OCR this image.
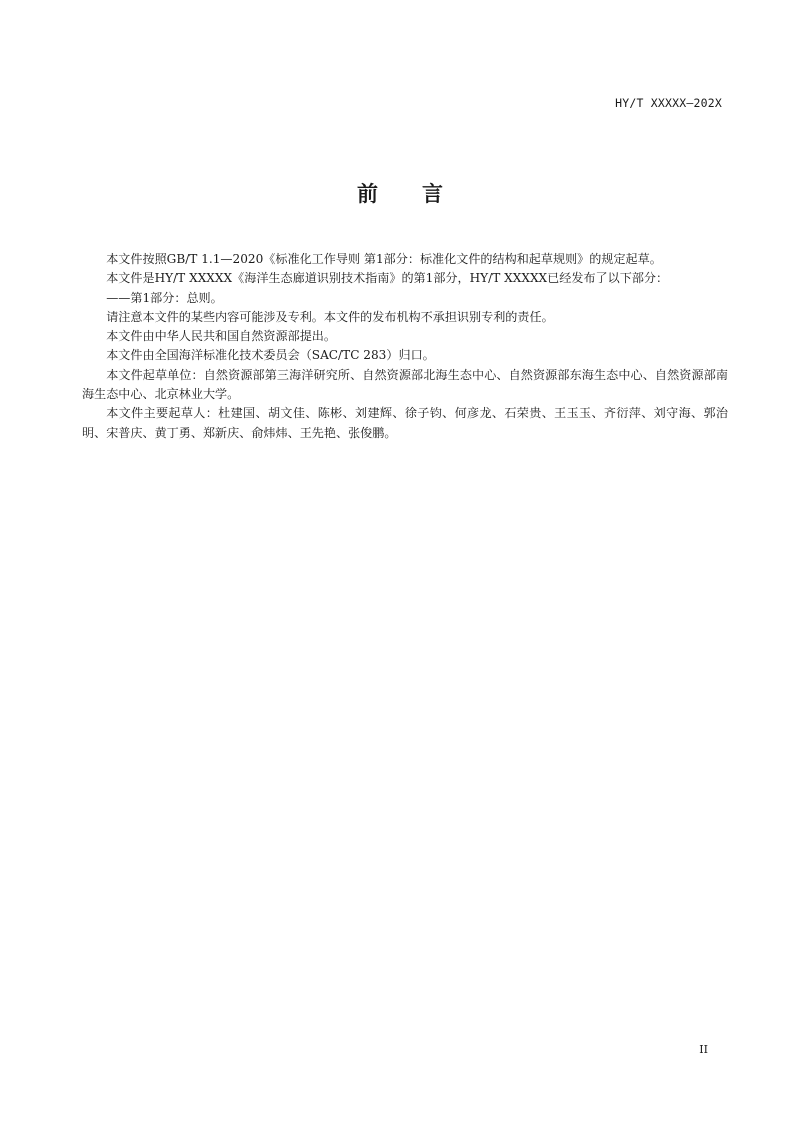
HY/T XXXXX—202X
前 言

本文件按照GB/T 1.1—2020《标准化工作导则 第1部分：标准化文件的结构和起草规则》的规定起草。

本文件是HY/T XXXXX《海洋生态廊道识别技术指南》的第1部分，HY/T XXXXX已经发布了以下部分：

——第1部分：总则。

请注意本文件的某些内容可能涉及专利。本文件的发布机构不承担识别专利的责任。

本文件由中华人民共和国自然资源部提出。

本文件由全国海洋标准化技术委员会（SAC/TC 283）归口。

本文件起草单位：自然资源部第三海洋研究所、自然资源部北海生态中心、自然资源部东海生态中心、自然资源部南海生态中心、北京林业大学。

本文件主要起草人：杜建国、胡文佳、陈彬、刘建辉、徐子钧、何彦龙、石荣贵、王玉玉、齐衍萍、刘守海、郭治明、宋普庆、黄丁勇、郑新庆、俞炜炜、王先艳、张俊鹏。

II
